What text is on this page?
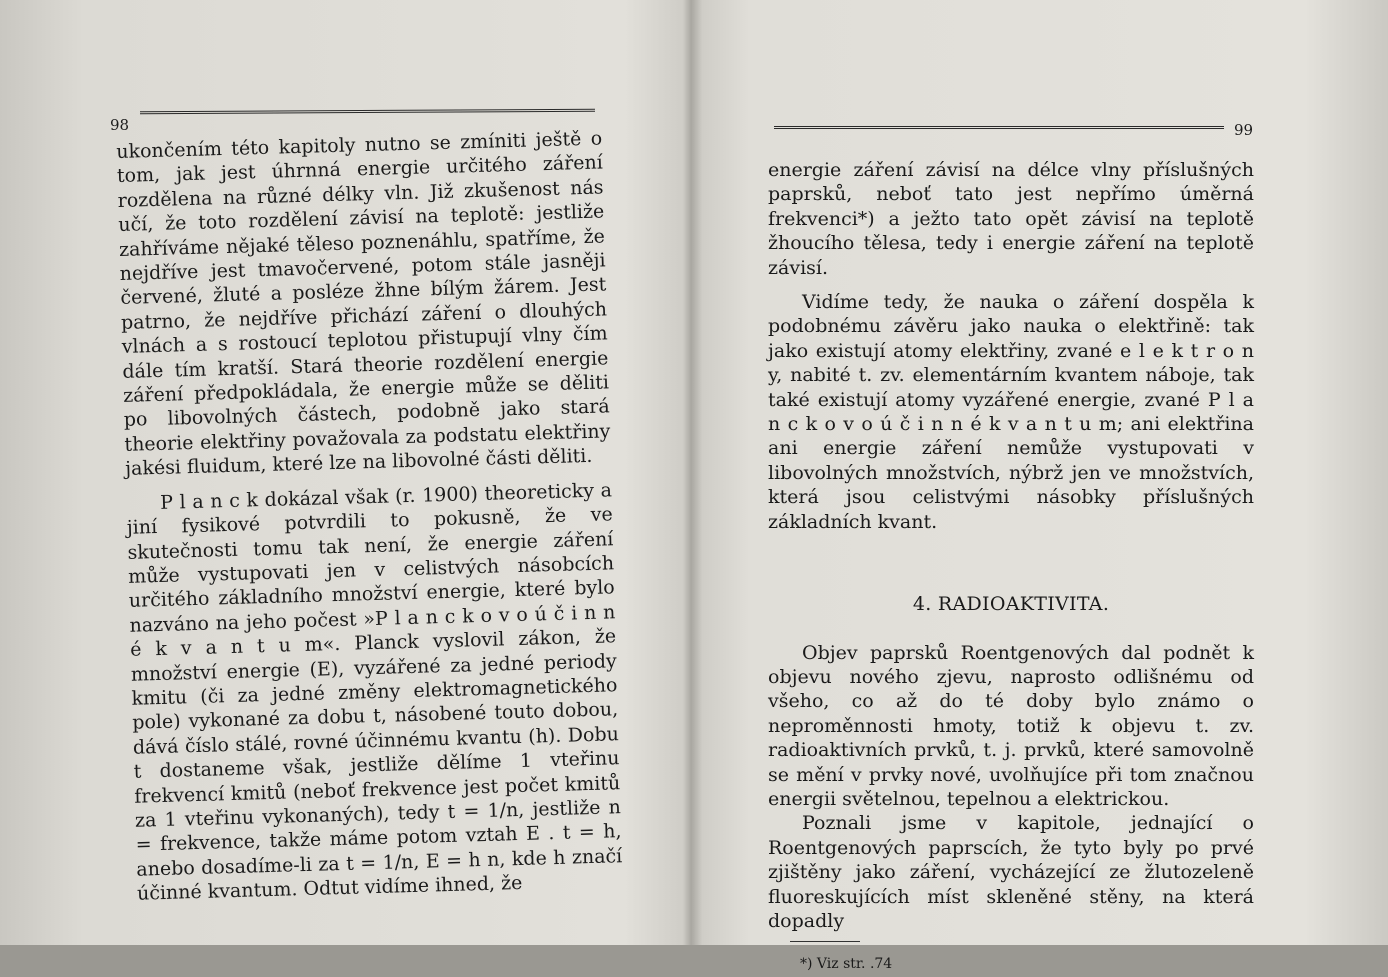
98

ukončením této kapitoly nutno se zmíniti ještě o tom, jak jest úhrnná energie určitého záření rozdělena na různé délky vln. Již zkušenost nás učí, že toto rozdělení závisí na teplotě: jestliže zahříváme nějaké těleso poznenáhlu, spatříme, že nejdříve jest tmavočervené, potom stále jasněji červené, žluté a posléze žhne bílým žárem. Jest patrno, že nejdříve přichází záření o dlouhých vlnách a s rostoucí teplotou přistupují vlny čím dále tím kratší. Stará theorie rozdělení energie záření předpokládala, že energie může se děliti po libovolných částech, podobně jako stará theorie elektřiny považovala za podstatu elektřiny jakési fluidum, které lze na libovolné části děliti.

P l a n c k dokázal však (r. 1900) theoreticky a jiní fysikové potvrdili to pokusně, že ve skutečnosti tomu tak není, že energie záření může vystupovati jen v celistvých násobcích určitého základního množství energie, které bylo nazváno na jeho počest »P l a n c k o v o ú č i n n é k v a n t u m«. Planck vyslovil zákon, že množství energie (E), vyzářené za jedné periody kmitu (či za jedné změny elektromagnetického pole) vykonané za dobu t, násobené touto dobou, dává číslo stálé, rovné účinnému kvantu (h). Dobu t dostaneme však, jestliže dělíme 1 vteřinu frekvencí kmitů (neboť frekvence jest počet kmitů za 1 vteřinu vykonaných), tedy t = 1/n, jestliže n = frekvence, takže máme potom vztah E . t = h, anebo dosadíme-li za t = 1/n, E = h n, kde h značí účinné kvantum. Odtut vidíme ihned, že

99

energie záření závisí na délce vlny příslušných paprsků, neboť tato jest nepřímo úměrná frekvenci*) a ježto tato opět závisí na teplotě žhoucího tělesa, tedy i energie záření na teplotě závisí.

Vidíme tedy, že nauka o záření dospěla k podobnému závěru jako nauka o elektřině: tak jako existují atomy elektřiny, zvané e l e k t r o n y, nabité t. zv. elementárním kvantem náboje, tak také existují atomy vyzářené energie, zvané P l a n c k o v o ú č i n n é k v a n t u m; ani elektřina ani energie záření nemůže vystupovati v libovolných množstvích, nýbrž jen ve množstvích, která jsou celistvými násobky příslušných základních kvant.

4. RADIOAKTIVITA.

Objev paprsků Roentgenových dal podnět k objevu nového zjevu, naprosto odlišnému od všeho, co až do té doby bylo známo o neproměnnosti hmoty, totiž k objevu t. zv. radioaktivních prvků, t. j. prvků, které samovolně se mění v prvky nové, uvolňujíce při tom značnou energii světelnou, tepelnou a elektrickou.

Poznali jsme v kapitole, jednající o Roentgenových paprscích, že tyto byly po prvé zjištěny jako záření, vycházející ze žlutozeleně fluoreskujících míst skleněné stěny, na která dopadly

*) Viz str. .74
